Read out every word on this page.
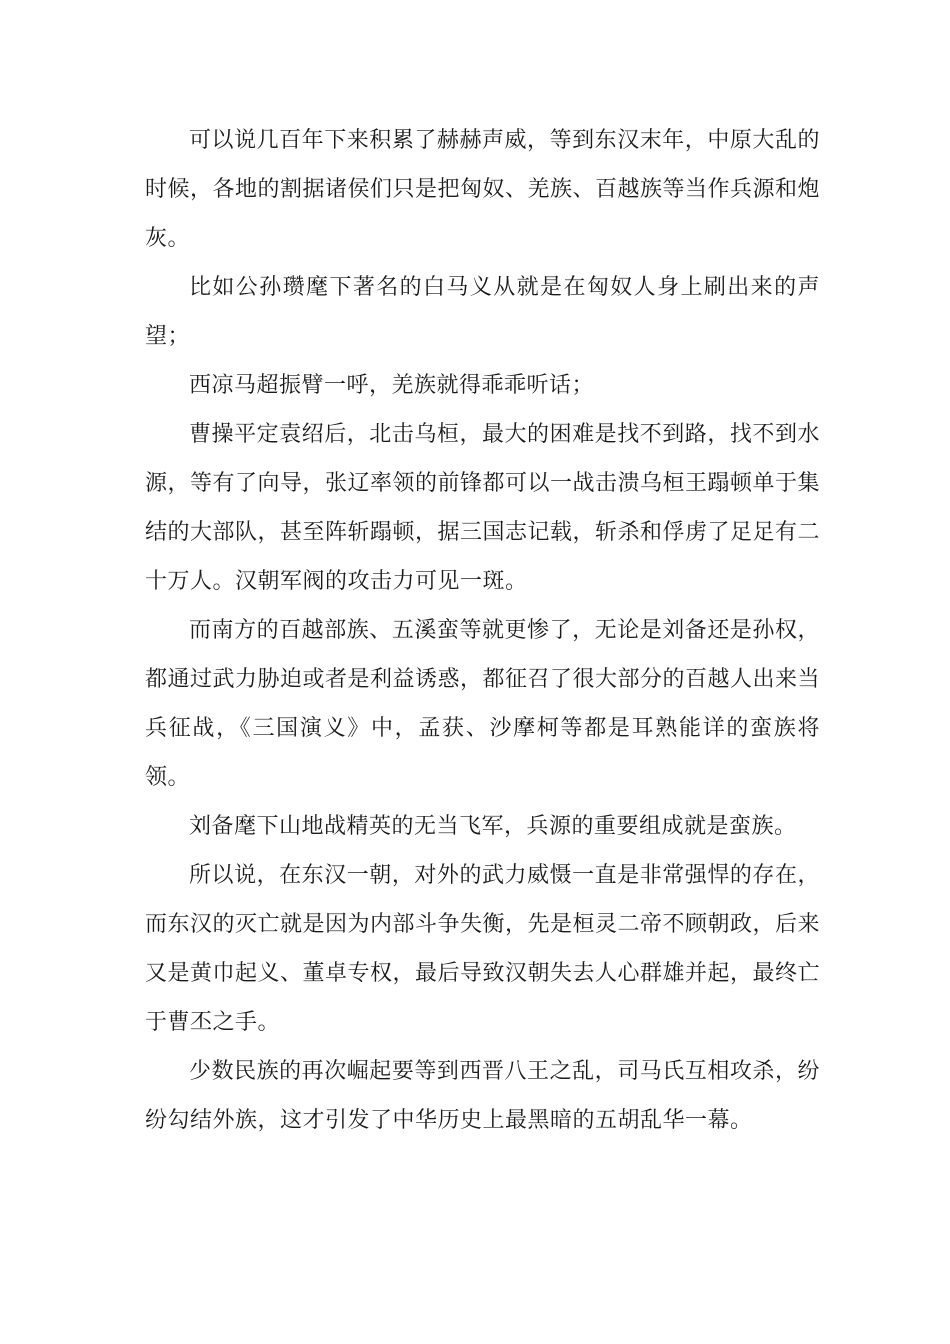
可以说几百年下来积累了赫赫声威，等到东汉末年，中原大乱的 时候，各地的割据诸侯们只是把匈奴、羌族、百越族等当作兵源和炮 灰。

比如公孙瓒麾下著名的白马义从就是在匈奴人身上刷出来的声 望；

西凉马超振臂一呼，羌族就得乖乖听话；

曹操平定袁绍后，北击乌桓，最大的困难是找不到路，找不到水源，等有了向导，张辽率领的前锋都可以一战击溃乌桓王蹋顿单于集 结的大部队，甚至阵斩蹋顿，据三国志记载，斩杀和俘虏了足足有二 十万人。汉朝军阀的攻击力可见一斑。

而南方的百越部族、五溪蛮等就更惨了，无论是刘备还是孙权， 都通过武力胁迫或者是利益诱惑，都征召了很大部分的百越人出来当 兵征战，《三国演义》中，孟获、沙摩柯等都是耳熟能详的蛮族将领。

刘备麾下山地战精英的无当飞军，兵源的重要组成就是蛮族。

所以说，在东汉一朝，对外的武力威慑一直是非常强悍的存在， 而东汉的灭亡就是因为内部斗争失衡，先是桓灵二帝不顾朝政，后来 又是黄巾起义、董卓专权，最后导致汉朝失去人心群雄并起，最终亡 于曹丕之手。

少数民族的再次崛起要等到西晋八王之乱，司马氏互相攻杀，纷 纷勾结外族，这才引发了中华历史上最黑暗的五胡乱华一幕。
